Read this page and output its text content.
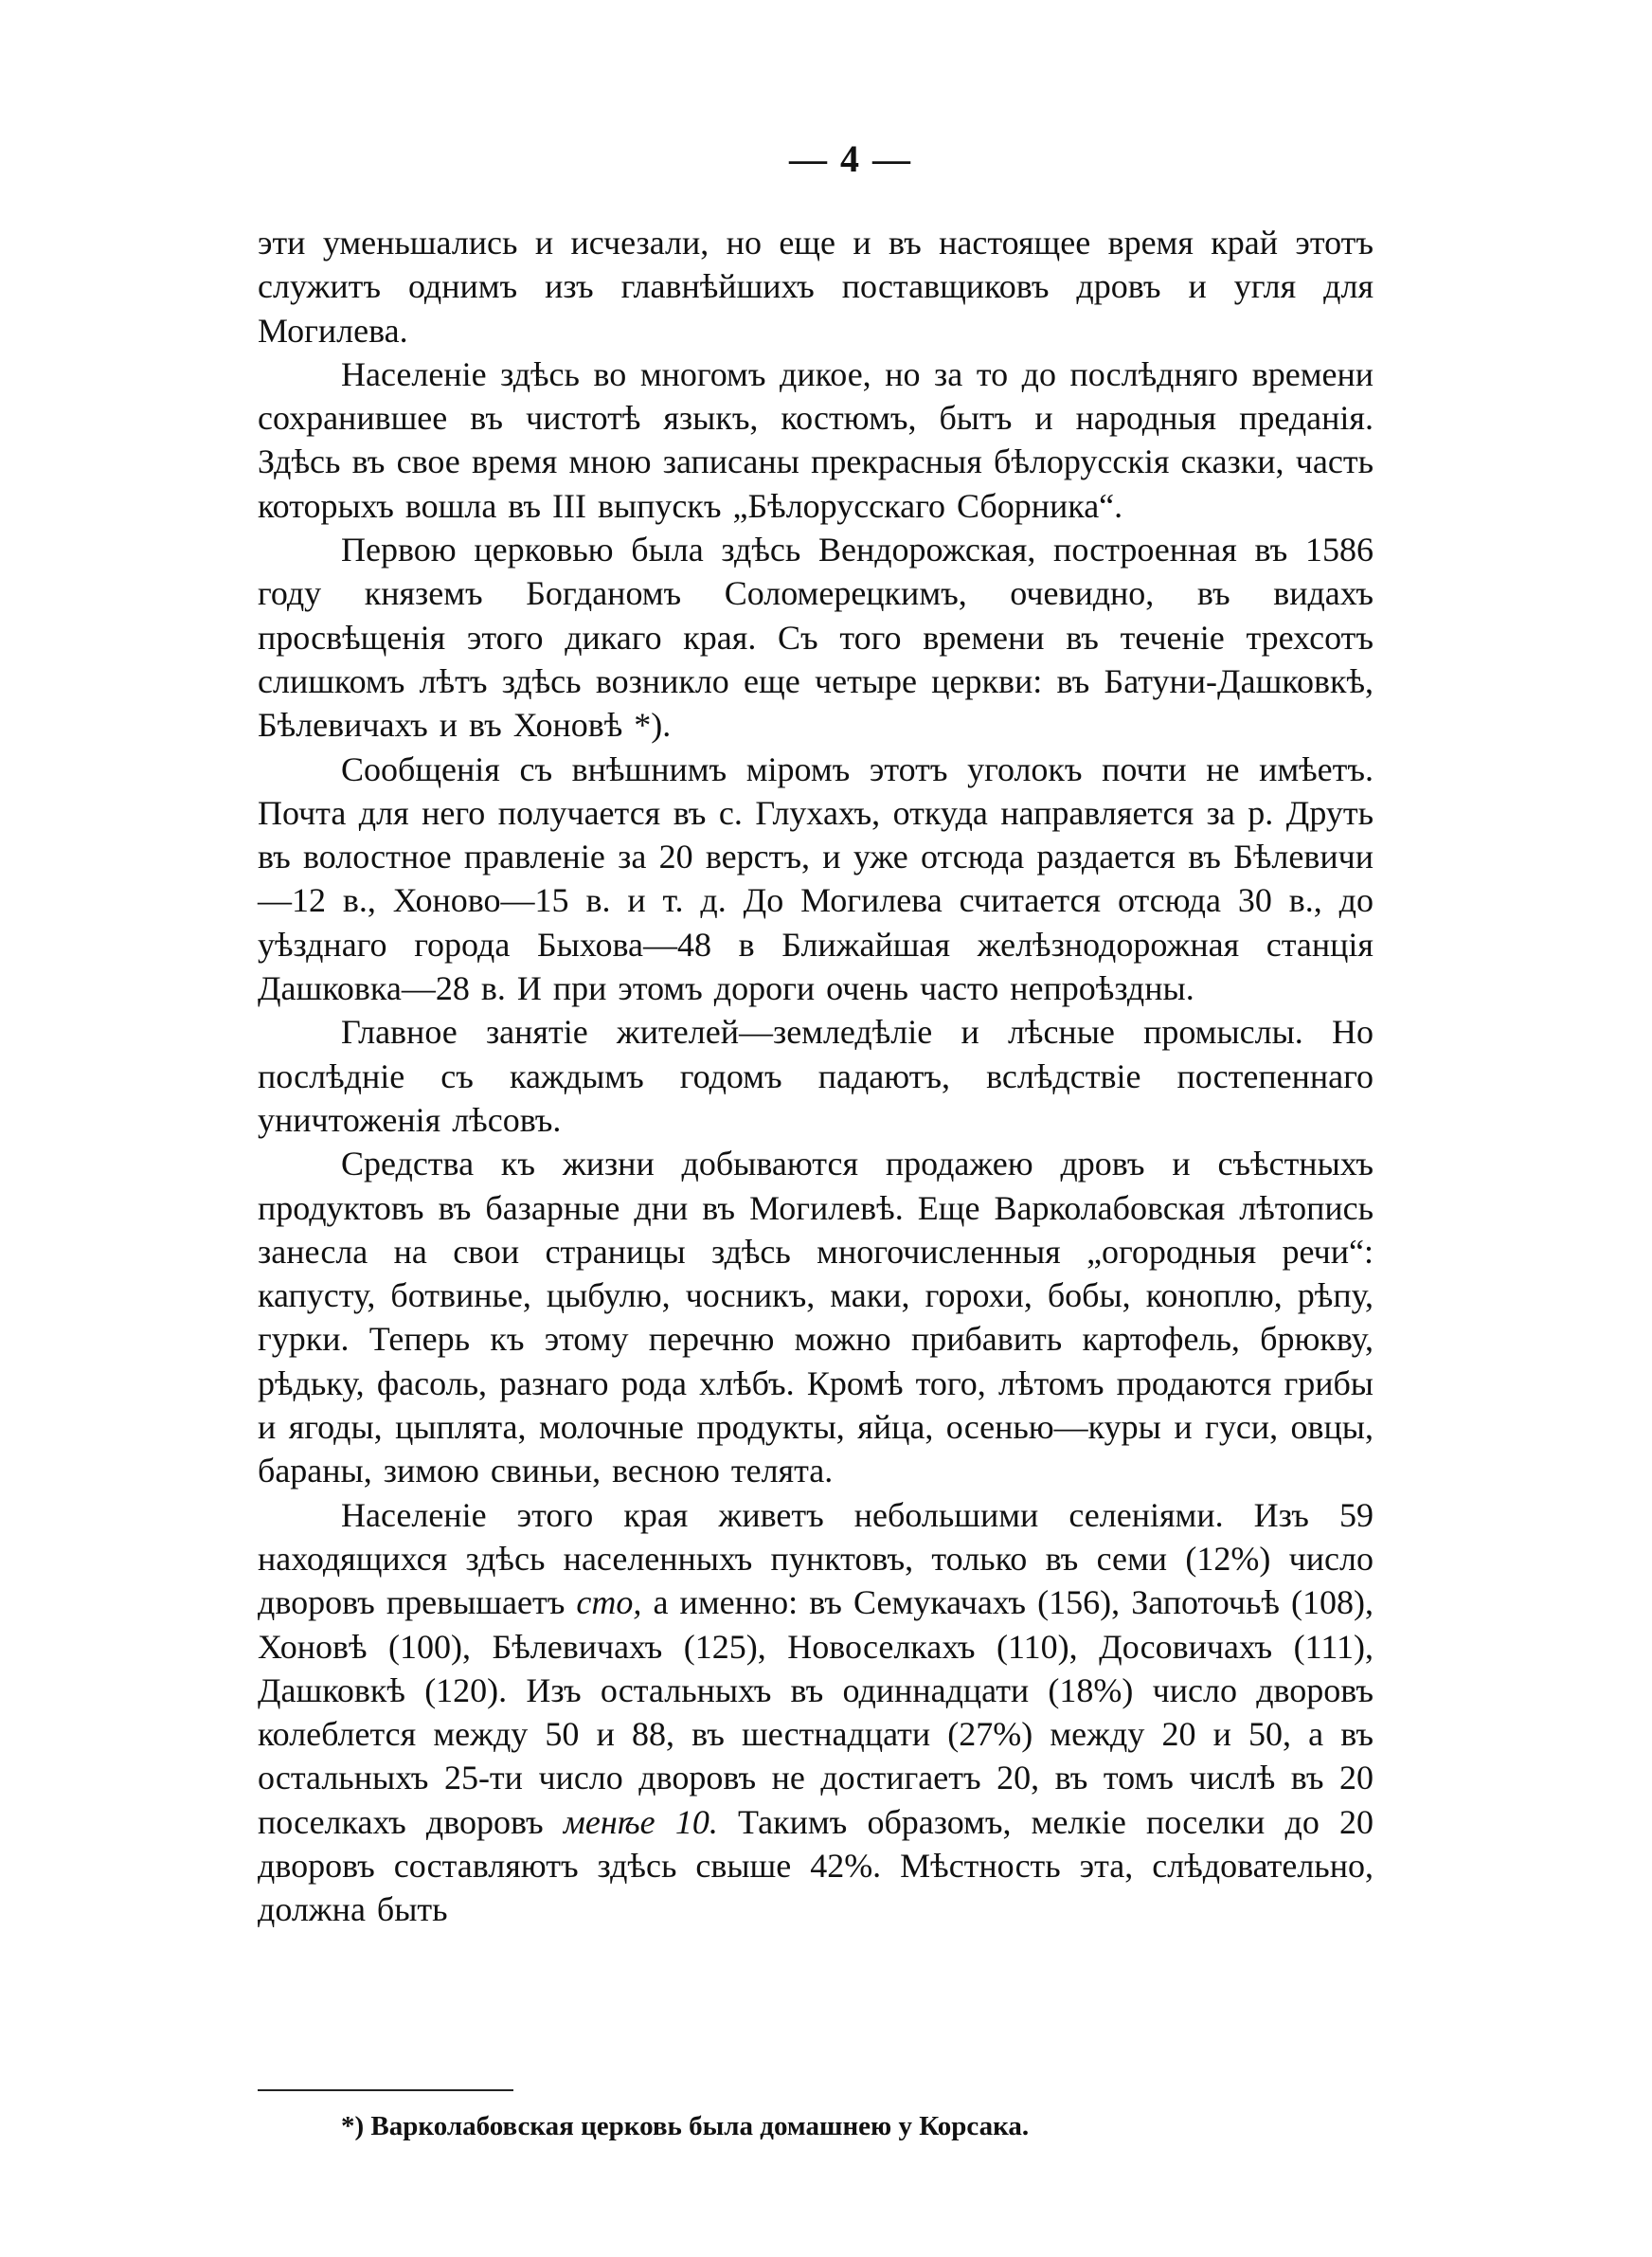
— 4 —

эти уменьшались и исчезали, но еще и въ настоящее время край этотъ служитъ однимъ изъ главнѣйшихъ поставщиковъ дровъ и угля для Могилева.

Населеніе здѣсь во многомъ дикое, но за то до послѣдняго времени сохранившее въ чистотѣ языкъ, костюмъ, бытъ и народныя преданія. Здѣсь въ свое время мною записаны прекрасныя бѣлорусскія сказки, часть которыхъ вошла въ III выпускъ „Бѣлорусскаго Сборника“.

Первою церковью была здѣсь Вендорожская, построенная въ 1586 году княземъ Богданомъ Соломерецкимъ, очевидно, въ видахъ просвѣщенія этого дикаго края. Съ того времени въ теченіе трехсотъ слишкомъ лѣтъ здѣсь возникло еще четыре церкви: въ Батуни-Дашковкѣ, Бѣлевичахъ и въ Хоновѣ *).

Сообщенія съ внѣшнимъ міромъ этотъ уголокъ почти не имѣетъ. Почта для него получается въ с. Глухахъ, откуда направляется за р. Друть въ волостное правленіе за 20 верстъ, и уже отсюда раздается въ Бѣлевичи—12 в., Хоново—15 в. и т. д. До Могилева считается отсюда 30 в., до уѣзднаго города Быхова—48 в Ближайшая желѣзнодорожная станція Дашковка—28 в. И при этомъ дороги очень часто непроѣздны.

Главное занятіе жителей—земледѣліе и лѣсные промыслы. Но послѣдніе съ каждымъ годомъ падаютъ, вслѣдствіе постепеннаго уничтоженія лѣсовъ.

Средства къ жизни добываются продажею дровъ и съѣстныхъ продуктовъ въ базарные дни въ Могилевѣ. Еще Варколабовская лѣтопись занесла на свои страницы здѣсь многочисленныя „огородныя речи“: капусту, ботвинье, цыбулю, чосникъ, маки, горохи, бобы, коноплю, рѣпу, гурки. Теперь къ этому перечню можно прибавить картофель, брюкву, рѣдьку, фасоль, разнаго рода хлѣбъ. Кромѣ того, лѣтомъ продаются грибы и ягоды, цыплята, молочные продукты, яйца, осенью—куры и гуси, овцы, бараны, зимою свиньи, весною телята.

Населеніе этого края живетъ небольшими селеніями. Изъ 59 находящихся здѣсь населенныхъ пунктовъ, только въ семи (12%) число дворовъ превышаетъ сто, а именно: въ Семукачахъ (156), Запоточьѣ (108), Хоновѣ (100), Бѣлевичахъ (125), Новоселкахъ (110), Досовичахъ (111), Дашковкѣ (120). Изъ остальныхъ въ одиннадцати (18%) число дворовъ колеблется между 50 и 88, въ шестнадцати (27%) между 20 и 50, а въ остальныхъ 25-ти число дворовъ не достигаетъ 20, въ томъ числѣ въ 20 поселкахъ дворовъ менѣе 10. Такимъ образомъ, мелкіе поселки до 20 дворовъ составляютъ здѣсь свыше 42%. Мѣстность эта, слѣдовательно, должна быть

*) Варколабовская церковь была домашнею у Корсака.
